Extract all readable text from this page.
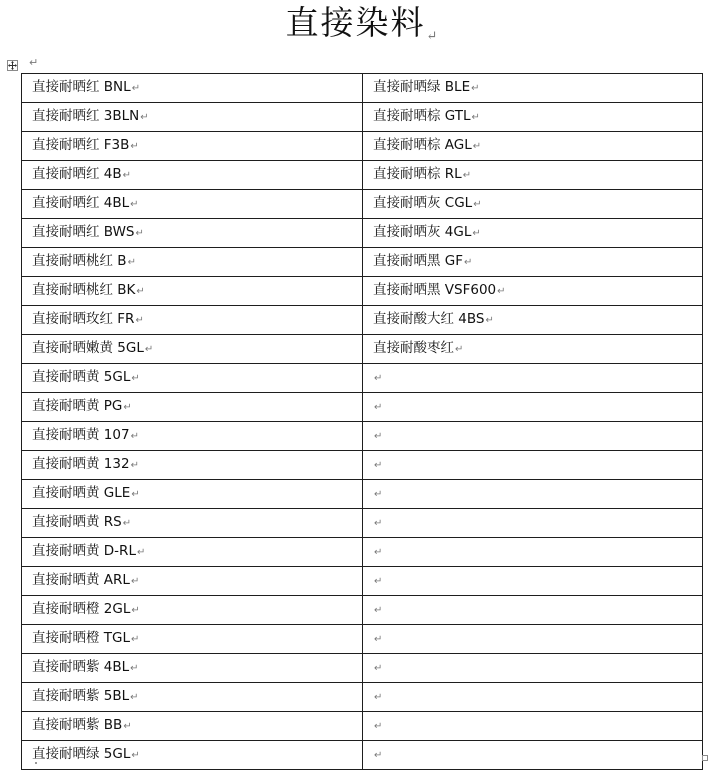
直接染料↵
↵
直接耐晒红 BNL↵	直接耐晒绿 BLE↵
直接耐晒红 3BLN↵	直接耐晒棕 GTL↵
直接耐晒红 F3B↵	直接耐晒棕 AGL↵
直接耐晒红 4B↵	直接耐晒棕 RL↵
直接耐晒红 4BL↵	直接耐晒灰 CGL↵
直接耐晒红 BWS↵	直接耐晒灰 4GL↵
直接耐晒桃红 B↵	直接耐晒黑 GF↵
直接耐晒桃红 BK↵	直接耐晒黑 VSF600↵
直接耐晒玫红 FR↵	直接耐酸大红 4BS↵
直接耐晒嫩黄 5GL↵	直接耐酸枣红↵
直接耐晒黄 5GL↵	↵
直接耐晒黄 PG↵	↵
直接耐晒黄 107↵	↵
直接耐晒黄 132↵	↵
直接耐晒黄 GLE↵	↵
直接耐晒黄 RS↵	↵
直接耐晒黄 D-RL↵	↵
直接耐晒黄 ARL↵	↵
直接耐晒橙 2GL↵	↵
直接耐晒橙 TGL↵	↵
直接耐晒紫 4BL↵	↵
直接耐晒紫 5BL↵	↵
直接耐晒紫 BB↵	↵
直接耐晒绿 5GL↵	↵
